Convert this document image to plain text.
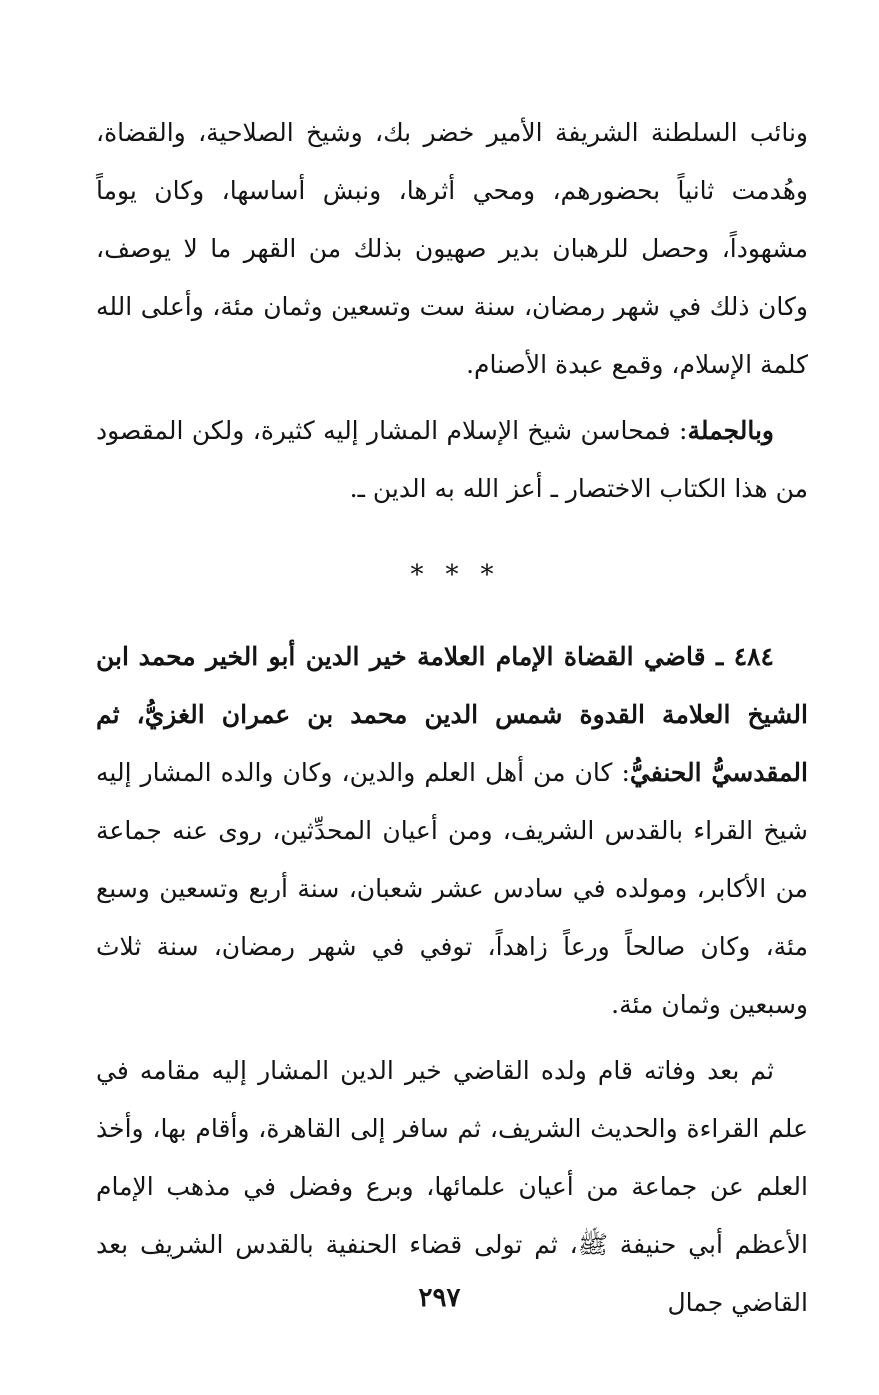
ونائب السلطنة الشريفة الأمير خضر بك، وشيخ الصلاحية، والقضاة، وهُدمت ثانياً بحضورهم، ومحي أثرها، ونبش أساسها، وكان يوماً مشهوداً، وحصل للرهبان بدير صهيون بذلك من القهر ما لا يوصف، وكان ذلك في شهر رمضان، سنة ست وتسعين وثمان مئة، وأعلى الله كلمة الإسلام، وقمع عبدة الأصنام.

وبالجملة: فمحاسن شيخ الإسلام المشار إليه كثيرة، ولكن المقصود من هذا الكتاب الاختصار ـ أعز الله به الدين ـ.

* * *

٤٨٤ ـ قاضي القضاة الإمام العلامة خير الدين أبو الخير محمد ابن الشيخ العلامة القدوة شمس الدين محمد بن عمران الغزيُّ، ثم المقدسيُّ الحنفيُّ: كان من أهل العلم والدين، وكان والده المشار إليه شيخ القراء بالقدس الشريف، ومن أعيان المحدِّثين، روى عنه جماعة من الأكابر، ومولده في سادس عشر شعبان، سنة أربع وتسعين وسبع مئة، وكان صالحاً ورعاً زاهداً، توفي في شهر رمضان، سنة ثلاث وسبعين وثمان مئة.

ثم بعد وفاته قام ولده القاضي خير الدين المشار إليه مقامه في علم القراءة والحديث الشريف، ثم سافر إلى القاهرة، وأقام بها، وأخذ العلم عن جماعة من أعيان علمائها، وبرع وفضل في مذهب الإمام الأعظم أبي حنيفة ﷺ، ثم تولى قضاء الحنفية بالقدس الشريف بعد القاضي جمال

٢٩٧
